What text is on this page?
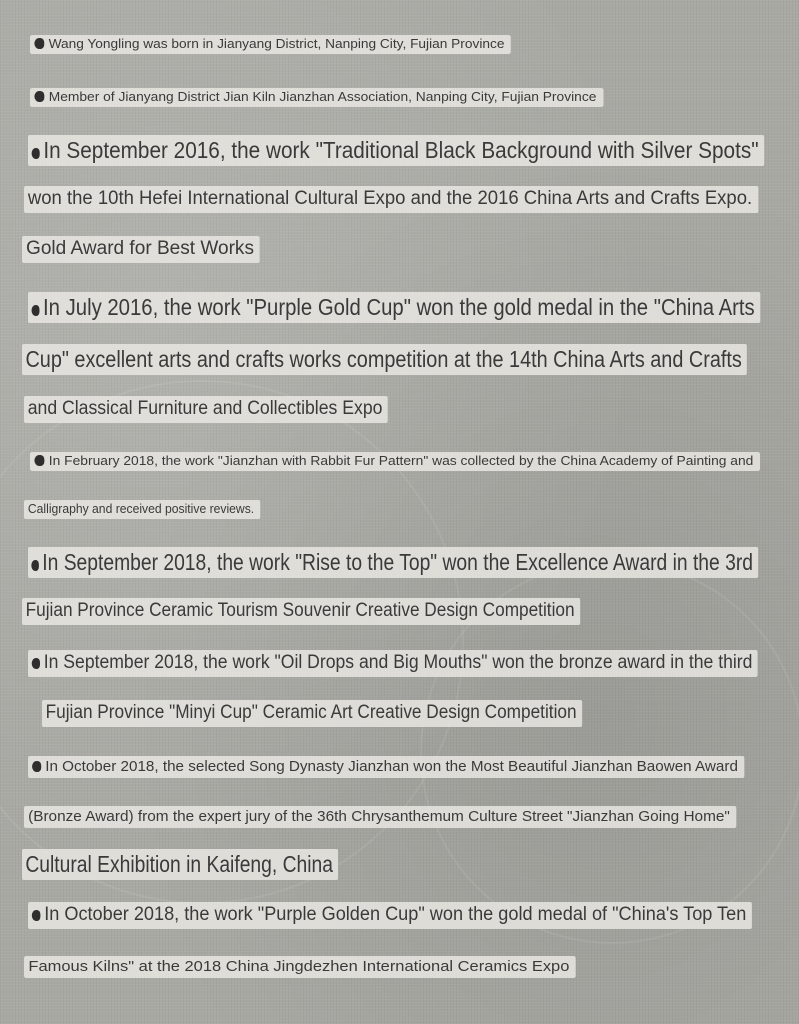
Wang Yongling was born in Jianyang District, Nanping City, Fujian Province
Member of Jianyang District Jian Kiln Jianzhan Association, Nanping City, Fujian Province
In September 2016, the work "Traditional Black Background with Silver Spots"
won the 10th Hefei International Cultural Expo and the 2016 China Arts and Crafts Expo.
Gold Award for Best Works
In July 2016, the work "Purple Gold Cup" won the gold medal in the "China Arts
Cup" excellent arts and crafts works competition at the 14th China Arts and Crafts
and Classical Furniture and Collectibles Expo
In February 2018, the work "Jianzhan with Rabbit Fur Pattern" was collected by the China Academy of Painting and
Calligraphy and received positive reviews.
In September 2018, the work "Rise to the Top" won the Excellence Award in the 3rd
Fujian Province Ceramic Tourism Souvenir Creative Design Competition
In September 2018, the work "Oil Drops and Big Mouths" won the bronze award in the third
Fujian Province "Minyi Cup" Ceramic Art Creative Design Competition
In October 2018, the selected Song Dynasty Jianzhan won the Most Beautiful Jianzhan Baowen Award
(Bronze Award) from the expert jury of the 36th Chrysanthemum Culture Street "Jianzhan Going Home"
Cultural Exhibition in Kaifeng, China
In October 2018, the work "Purple Golden Cup" won the gold medal of "China's Top Ten
Famous Kilns" at the 2018 China Jingdezhen International Ceramics Expo
